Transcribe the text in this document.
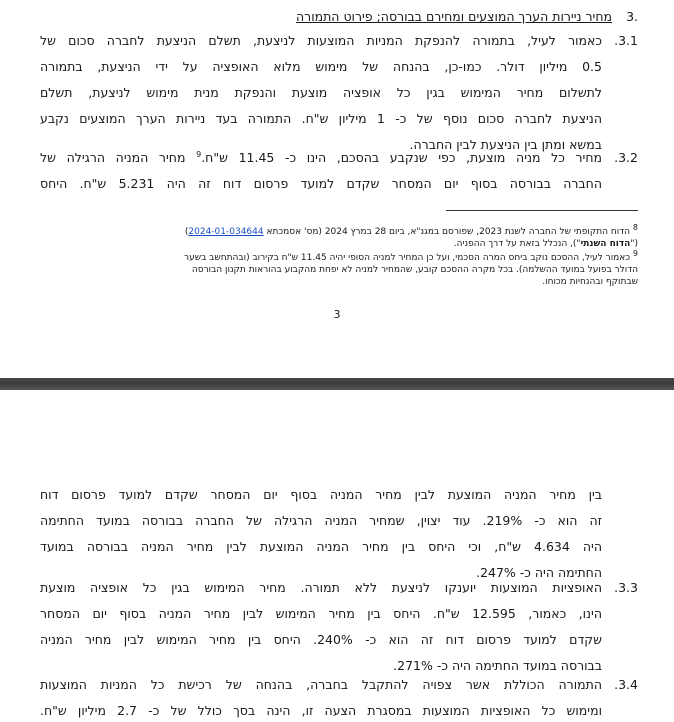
.3מחיר ניירות הערך המוצעים ומחירם בבורסה; פירוט התמורה
3.1.
כאמור לעיל, בתמורה להנפקת המניות המוצעות לניצעת, תשלם הניצעת לחברה סכום של
0.5 מיליון דולר. כמו-כן, בהנחה של מימוש מלוא האופציה על ידי הניצעת, בתמורה
לתשלום מחיר המימוש בגין כל אופציה מוצעת והנפקת מנית מימוש לניצעת, תשלם
הניצעת לחברה סכום נוסף של כ- 1 מיליון ש"ח. התמורה בעד ניירות הערך המוצעים נקבע
במשא ומתן בין הניצעת לבין החברה.
3.2.
מחיר כל מניה מוצעת, כפי שנקבע בהסכם, הינו כ- 11.45 ש"ח.$^9$ מחיר המניה הרגילה של
החברה בבורסה בסוף יום המסחר שקדם למועד פרסום דוח זה היה 5.231 ש"ח. היחס
$^8$ הדוח התקופתי של החברה לשנת 2023, שפורסם במגנ"א, ביום 28 במרץ 2024 (מס' אסמכתא 2024-01-034644)
("הדוח השנתי"), הנכלל בזאת על דרך ההפניה.
$^9$ כאמור לעיל, ההסכם נוקב ביחס המרה הסכמי, ועל כן המחיר למניה הסופי יהיה 11.45 ש"ח בקירוב (ובהתחשב בשער
הדולר בפועל במועד ההשלמה). בכל מקרה ההסכם קובע, שהמחיר למניה לא יפחת מהקבוע בהוראות תקנון הבורסה
שבתוקף ובהנחיות מכוחו.
3
בין מחיר המניה המוצעת לבין מחיר המניה בסוף יום המסחר שקדם למועד פרסום דוח
זה הוא כ- 219%. עוד יצוין, שמחיר המניה הרגילה של החברה בבורסה במועד החתימה
היה 4.634 ש"ח, וכי היחס בין מחיר המניה המוצעת לבין מחיר המניה בבורסה במועד
החתימה היה כ- 247%.
3.3.
האופציות המוצעות יוענקו לניצעת ללא תמורה. מחיר המימוש בגין כל אופציה מוצעת
הינו, כאמור, 12.595 ש"ח. היחס בין מחיר המימוש לבין מחיר המניה בסוף יום המסחר
שקדם למועד פרסום דוח זה הוא כ- 240%. היחס בין מחיר המימוש לבין מחיר המניה
בבורסה במועד החתימה היה כ- 271%.
3.4.
התמורה הכוללת אשר צפויה להתקבל בחברה, בהנחה של רכישת כל המניות המוצעות
ומימוש כל האופציות המוצעות במסגרת הצעה זו, הינה בסך כולל של כ- 2.7 מיליון ש"ח.
